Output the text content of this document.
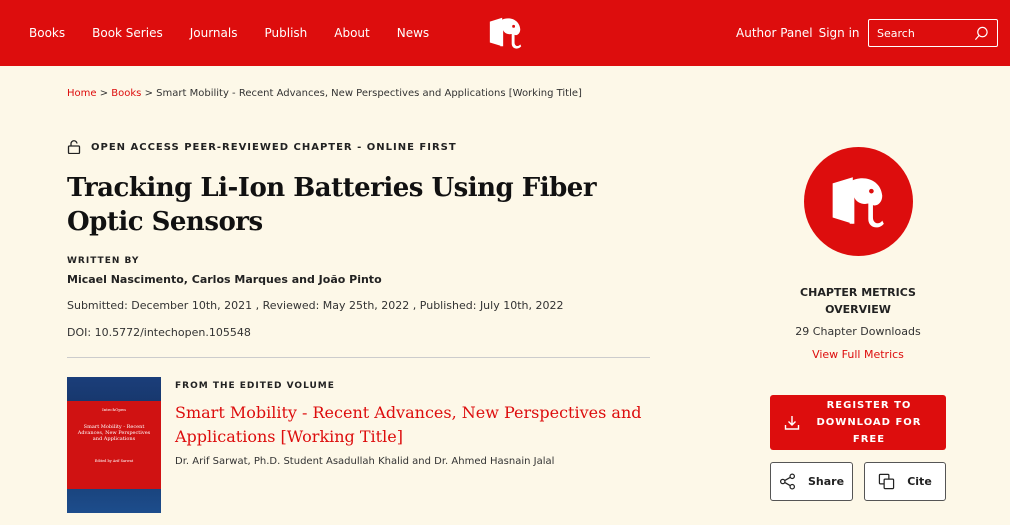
Books Book Series Journals Publish About News	Author Panel Sign in Search
Home > Books > Smart Mobility - Recent Advances, New Perspectives and Applications [Working Title]
OPEN ACCESS PEER-REVIEWED CHAPTER - ONLINE FIRST
Tracking Li-Ion Batteries Using Fiber Optic Sensors
WRITTEN BY
Micael Nascimento, Carlos Marques and João Pinto
Submitted: December 10th, 2021 , Reviewed: May 25th, 2022 , Published: July 10th, 2022
DOI: 10.5772/intechopen.105548
IntechOpen
Smart Mobility - Recent Advances, New Perspectives and Applications
Edited by Arif Sarwat
FROM THE EDITED VOLUME
Smart Mobility - Recent Advances, New Perspectives and Applications [Working Title]
Dr. Arif Sarwat, Ph.D. Student Asadullah Khalid and Dr. Ahmed Hasnain Jalal
CHAPTER METRICS OVERVIEW
29 Chapter Downloads
View Full Metrics
REGISTER TO DOWNLOAD FOR FREE
Share	Cite
